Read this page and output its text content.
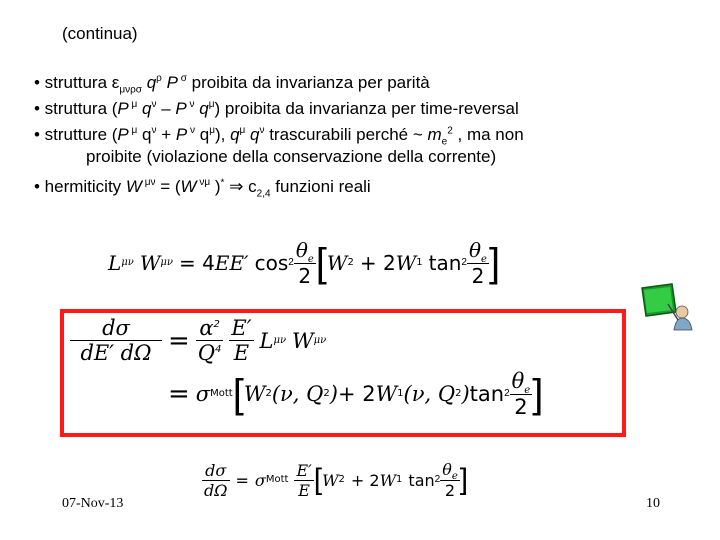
(continua)
• struttura $\varepsilon_{\mu\nu\rho\sigma}$ $q^\rho$ P $^\sigma$ proibita da invarianza per parità
• struttura (P $^\mu$ $q^\nu$ – P $^\nu$ $q^\mu$) proibita da invarianza per time-reversal
• strutture (P $^\mu$ $q^\nu + P$ $^\nu$ $q^\mu$), $q^\mu$ $q^\nu$ trascurabili perché ~ $m_e^2$ , ma non
proibite (violazione della conservazione della corrente)
• hermiticity W $^{\mu\nu}$ = (W $^{\nu\mu}$ )* ⇒ $c_{2,4}$ funzioni reali
L μν W μν = 4 EE′ $\cos 2 \frac{\theta_e}{2}$ [ W 2 + 2 W 1 $\tan 2 \frac{\theta_e}{2}$ ]
$\frac{d\sigma}{dE' d\Omega} = \frac{\alpha^2}{Q^4} \frac{E'}{E}$ L μν W μν
= σ Mott [ W 2 (ν, Q 2 ) + 2 W 1 (ν, Q 2 ) $\tan 2 \frac{\theta_e}{2}$ ]
$\frac{d\sigma}{d\Omega} = \sigma$ Mott $\frac{E'}{E}$ [ W 2 + 2 W 1 $\tan 2 \frac{\theta_e}{2}$ ]
07-Nov-13	10
